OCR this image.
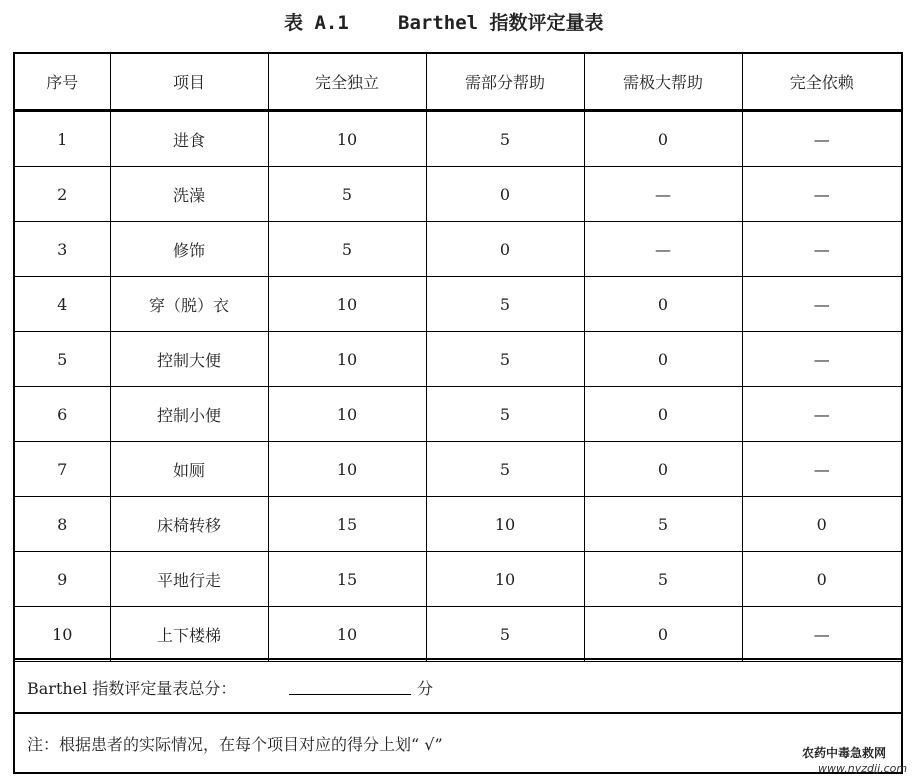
表 A.1	Barthel 指数评定量表
序号	项目	完全独立	需部分帮助	需极大帮助	完全依赖
1	进食	10	5	0	—
2	洗澡	5	0	—	—
3	修饰	5	0	—	—
4	穿（脱）衣	10	5	0	—
5	控制大便	10	5	0	—
6	控制小便	10	5	0	—
7	如厕	10	5	0	—
8	床椅转移	15	10	5	0
9	平地行走	15	10	5	0
10	上下楼梯	10	5	0	—
Barthel 指数评定量表总分：	分
注：根据患者的实际情况，在每个项目对应的得分上划“ √”	农药中毒急救网
www.nyzdjj.com
